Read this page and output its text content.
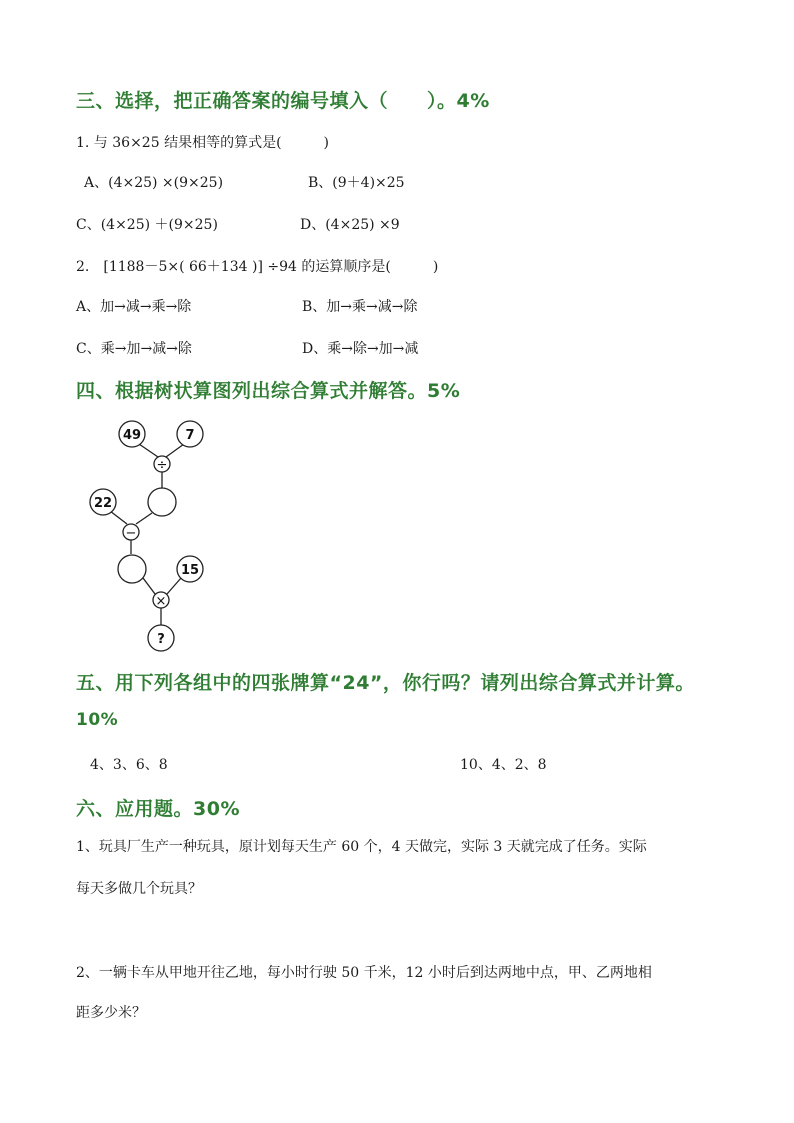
三、选择，把正确答案的编号填入（　　）。4%
1. 与 36×25 结果相等的算式是(　　　)
A、(4×25) ×(9×25)	B、(9＋4)×25
C、(4×25) ＋(9×25)	D、(4×25) ×9
2.　[1188－5×( 66＋134 )] ÷94 的运算顺序是(　　　)
A、加→减→乘→除	B、加→乘→减→除
C、乘→加→减→除	D、乘→除→加→减
四、根据树状算图列出综合算式并解答。5%
49	7
÷
22
−
15
×
?
五、用下列各组中的四张牌算“24”，你行吗？请列出综合算式并计算。
10%
4、3、6、8	10、4、2、8
六、应用题。30%
1、玩具厂生产一种玩具，原计划每天生产 60 个，4 天做完，实际 3 天就完成了任务。实际
每天多做几个玩具？
2、一辆卡车从甲地开往乙地，每小时行驶 50 千米，12 小时后到达两地中点，甲、乙两地相
距多少米？
